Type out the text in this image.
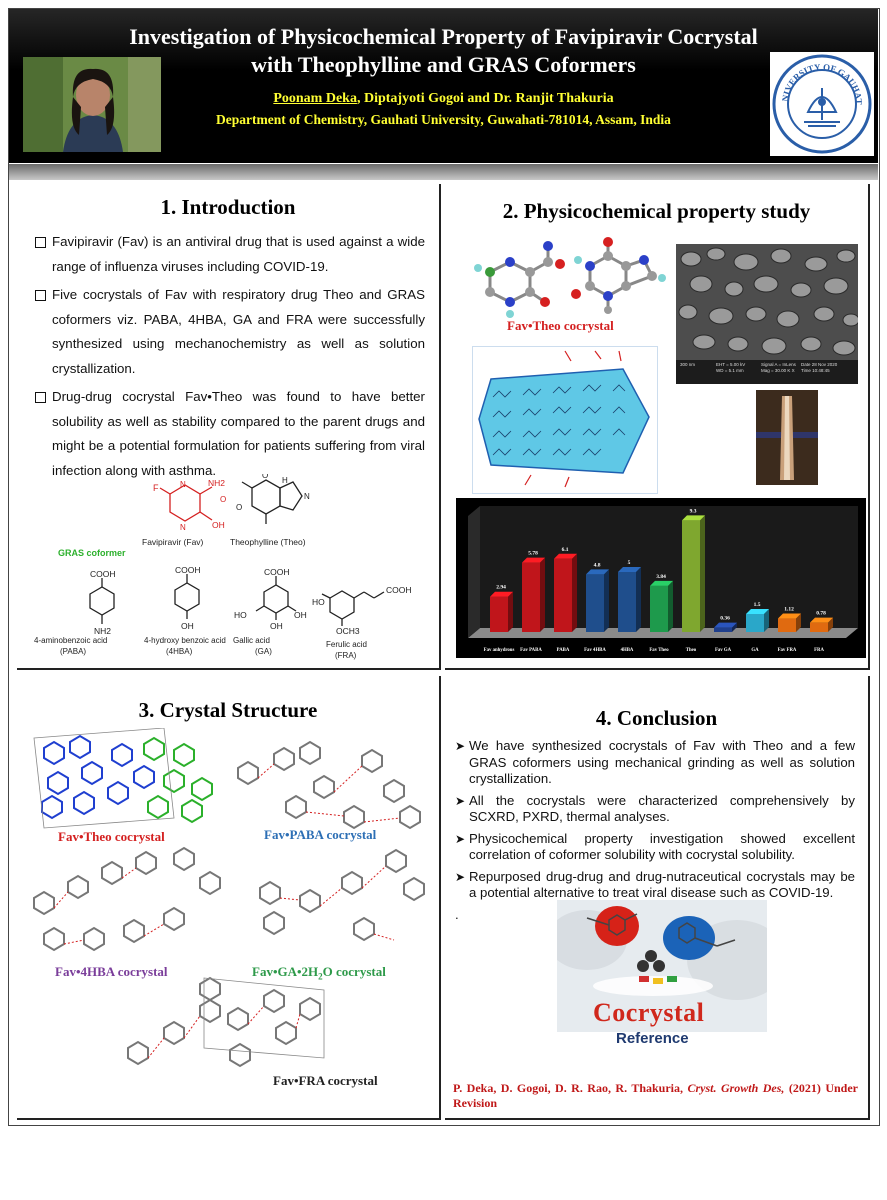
Investigation of Physicochemical Property of Favipiravir Cocrystal
with Theophylline and GRAS Coformers
Poonam Deka, Diptajyoti Gogoi and Dr. Ranjit Thakuria
Department of Chemistry, Gauhati University, Guwahati-781014, Assam, India
NIVERSITY OF GAUHAT
1. Introduction
Favipiravir (Fav) is an antiviral drug that is used against a wide range of influenza viruses including COVID-19.
Five cocrystals of Fav with respiratory drug Theo and GRAS coformers viz. PABA, 4HBA, GA and FRA were successfully synthesized using mechanochemistry as well as solution crystallization.
Drug-drug cocrystal Fav•Theo was found to have better solubility as well as stability compared to the parent drugs and might be a potential formulation for patients suffering from viral infection along with asthma.
F	N
N
NH2
OH
O
Favipiravir (Fav)
O
O
H
N
Theophylline (Theo)
GRAS coformer
COOH
NH2
4-aminobenzoic acid
(PABA)
COOH
OH
4-hydroxy benzoic acid
(4HBA)
COOH
HO	OH
OH
Gallic acid
(GA)
COOH
HO
OCH3
Ferulic acid
(FRA)
2. Physicochemical property study
Fav•Theo cocrystal
300 nm	EHT = 5.00 kV
WD = 5.1 mm
Signal A = InLens
Mag = 30.00 K X
Date 28 Nov 2020
Time 10:48:45
2.94
Fav anhydrous
5.78
Fav PABA
6.1
PABA
4.8
Fav 4HBA
5
4HBA
3.84
Fav Theo
9.3
Theo
0.36
Fav GA
1.5
GA
1.12
Fav FRA
0.78
FRA
3. Crystal Structure
Fav•Theo cocrystal	Fav•PABA cocrystal
Fav•4HBA cocrystal	$Fav•GA•2H_2O$ cocrystal
Fav•FRA cocrystal
4. Conclusion
➤ We have synthesized cocrystals of Fav with Theo and a few GRAS coformers using mechanical grinding as well as solution crystallization.
➤ All the cocrystals were characterized comprehensively by SCXRD, PXRD, thermal analyses.
➤ Physicochemical property investigation showed excellent correlation of coformer solubility with cocrystal solubility.
➤ Repurposed drug-drug and drug-nutraceutical cocrystals may be a potential alternative to treat viral disease such as COVID-19.
.
Cocrystal
Reference
P. Deka, D. Gogoi, D. R. Rao, R. Thakuria, Cryst. Growth Des, (2021) Under Revision
